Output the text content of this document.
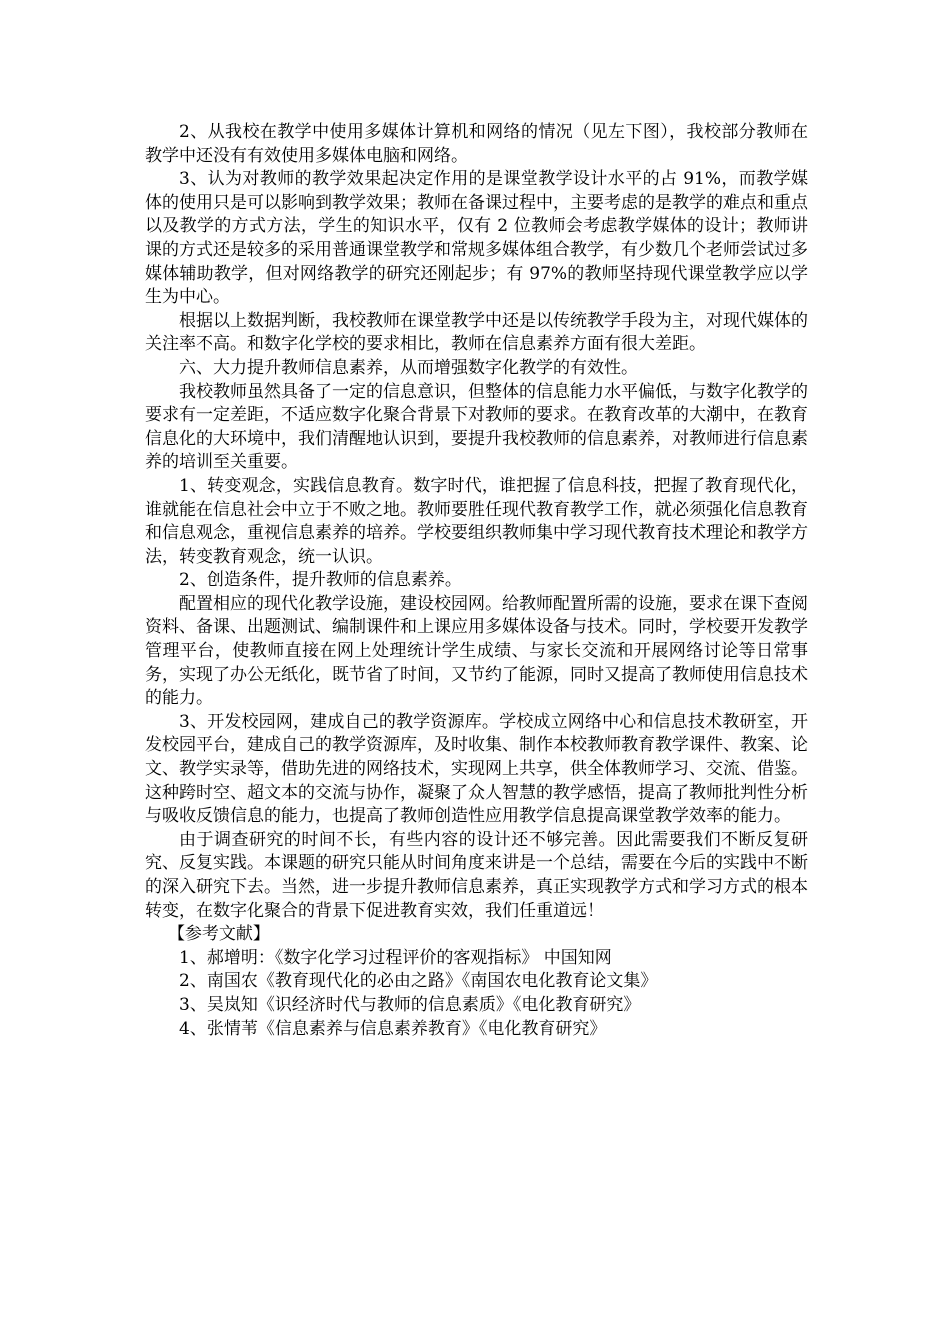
2、从我校在教学中使用多媒体计算机和网络的情况（见左下图），我校部分教师在教学中还没有有效使用多媒体电脑和网络。

3、认为对教师的教学效果起决定作用的是课堂教学设计水平的占 91%，而教学媒体的使用只是可以影响到教学效果；教师在备课过程中，主要考虑的是教学的难点和重点以及教学的方式方法，学生的知识水平，仅有 2 位教师会考虑教学媒体的设计；教师讲课的方式还是较多的采用普通课堂教学和常规多媒体组合教学，有少数几个老师尝试过多媒体辅助教学，但对网络教学的研究还刚起步；有 97%的教师坚持现代课堂教学应以学生为中心。

根据以上数据判断，我校教师在课堂教学中还是以传统教学手段为主，对现代媒体的关注率不高。和数字化学校的要求相比，教师在信息素养方面有很大差距。

六、大力提升教师信息素养，从而增强数字化教学的有效性。

我校教师虽然具备了一定的信息意识，但整体的信息能力水平偏低，与数字化教学的要求有一定差距，不适应数字化聚合背景下对教师的要求。在教育改革的大潮中，在教育信息化的大环境中，我们清醒地认识到，要提升我校教师的信息素养，对教师进行信息素养的培训至关重要。

1、转变观念，实践信息教育。数字时代，谁把握了信息科技，把握了教育现代化，谁就能在信息社会中立于不败之地。教师要胜任现代教育教学工作，就必须强化信息教育和信息观念，重视信息素养的培养。学校要组织教师集中学习现代教育技术理论和教学方法，转变教育观念，统一认识。

2、创造条件，提升教师的信息素养。

配置相应的现代化教学设施，建设校园网。给教师配置所需的设施，要求在课下查阅资料、备课、出题测试、编制课件和上课应用多媒体设备与技术。同时，学校要开发教学管理平台，使教师直接在网上处理统计学生成绩、与家长交流和开展网络讨论等日常事务，实现了办公无纸化，既节省了时间，又节约了能源，同时又提高了教师使用信息技术的能力。

3、开发校园网，建成自己的教学资源库。学校成立网络中心和信息技术教研室，开发校园平台，建成自己的教学资源库，及时收集、制作本校教师教育教学课件、教案、论文、教学实录等，借助先进的网络技术，实现网上共享，供全体教师学习、交流、借鉴。这种跨时空、超文本的交流与协作，凝聚了众人智慧的教学感悟，提高了教师批判性分析与吸收反馈信息的能力，也提高了教师创造性应用教学信息提高课堂教学效率的能力。

由于调查研究的时间不长，有些内容的设计还不够完善。因此需要我们不断反复研究、反复实践。本课题的研究只能从时间角度来讲是一个总结，需要在今后的实践中不断的深入研究下去。当然，进一步提升教师信息素养，真正实现教学方式和学习方式的根本转变，在数字化聚合的背景下促进教育实效，我们任重道远！

【参考文献】

1、郝增明：《数字化学习过程评价的客观指标》 中国知网

2、南国农《教育现代化的必由之路》《南国农电化教育论文集》

3、吴岚知《识经济时代与教师的信息素质》《电化教育研究》

4、张情苇《信息素养与信息素养教育》《电化教育研究》
